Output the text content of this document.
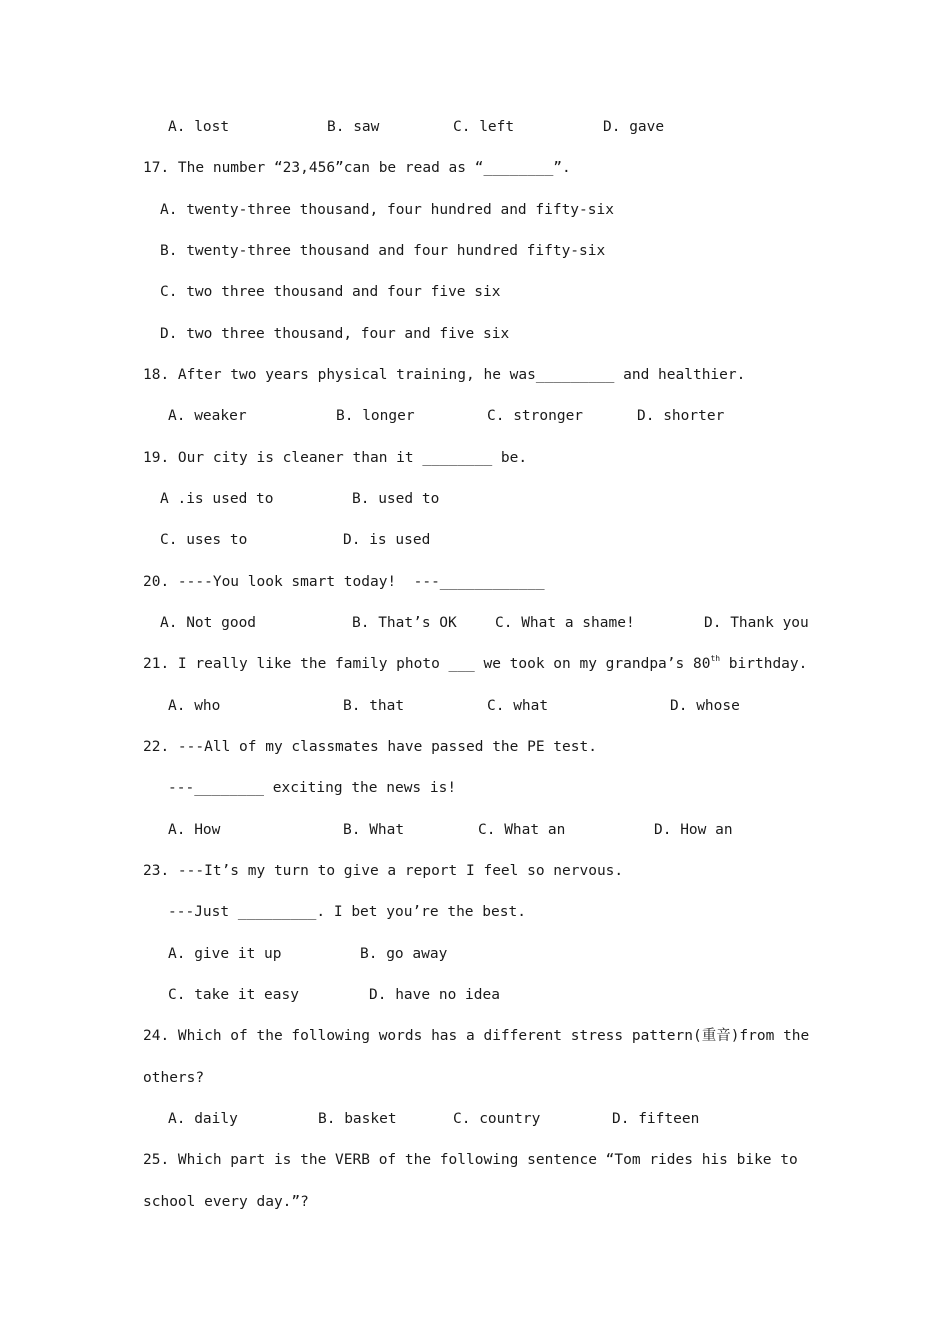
A. lost	B. saw	C. left	D. gave
17. The number “23,456”can be read as “________”.
A. twenty-three thousand, four hundred and fifty-six
B. twenty-three thousand and four hundred fifty-six
C. two three thousand and four five six
D. two three thousand, four and five six
18. After two years physical training, he was_________ and healthier.
A. weaker	B. longer	C. stronger	D. shorter
19. Our city is cleaner than it ________ be.
A .is used to	B. used to
C. uses to	D. is used
20. ----You look smart today!  ---____________
A. Not good	B. That’s OK	C. What a shame!	D. Thank you
21. I really like the family photo ___ we took on my grandpa’s 80th birthday.
A. who	B. that	C. what	D. whose
22. ---All of my classmates have passed the PE test.
---________ exciting the news is!
A. How	B. What	C. What an	D. How an
23. ---It’s my turn to give a report I feel so nervous.
---Just _________. I bet you’re the best.
A. give it up	B. go away
C. take it easy	D. have no idea
24. Which of the following words has a different stress pattern(重音)from the
others?
A. daily	B. basket	C. country	D. fifteen
25. Which part is the VERB of the following sentence “Tom rides his bike to
school every day.”?
